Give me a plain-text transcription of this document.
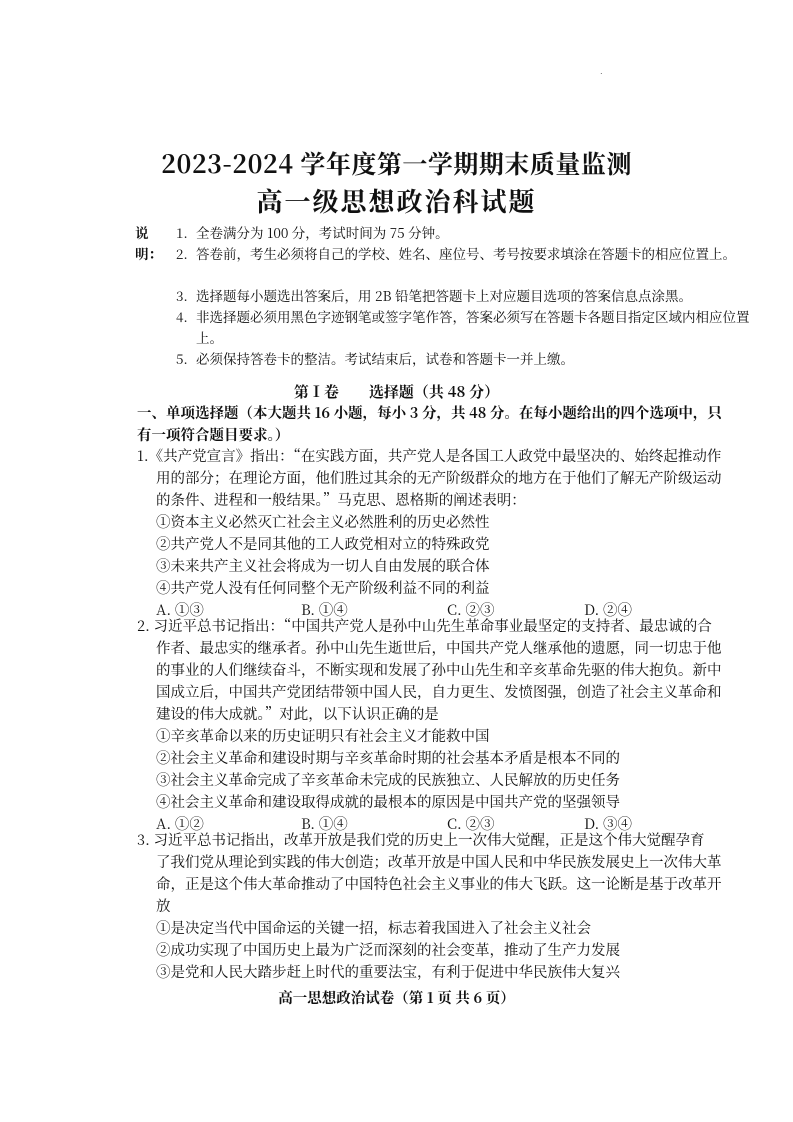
.
2023-2024 学年度第一学期期末质量监测
高一级思想政治科试题
说明：
1. 全卷满分为 100 分，考试时间为 75 分钟。
2. 答卷前，考生必须将自己的学校、姓名、座位号、考号按要求填涂在答题卡的相应位置上。
3. 选择题每小题选出答案后，用 2B 铅笔把答题卡上对应题目选项的答案信息点涂黑。
4. 非选择题必须用黑色字迹钢笔或签字笔作答，答案必须写在答题卡各题目指定区域内相应位置上。
5. 必须保持答卷卡的整洁。考试结束后，试卷和答题卡一并上缴。
第Ⅰ卷　　选择题（共 48 分）
一、单项选择题（本大题共 16 小题，每小 3 分，共 48 分。在每小题给出的四个选项中，只有一项符合题目要求。）

1.《共产党宣言》指出：“在实践方面，共产党人是各国工人政党中最坚决的、始终起推动作

用的部分；在理论方面，他们胜过其余的无产阶级群众的地方在于他们了解无产阶级运动的条件、进程和一般结果。”马克思、恩格斯的阐述表明：

①资本主义必然灭亡社会主义必然胜利的历史必然性

②共产党人不是同其他的工人政党相对立的特殊政党

③未来共产主义社会将成为一切人自由发展的联合体

④共产党人没有任何同整个无产阶级利益不同的利益

A. ①③	B. ①④	C. ②③	D. ②④

2. 习近平总书记指出：“中国共产党人是孙中山先生革命事业最坚定的支持者、最忠诚的合

作者、最忠实的继承者。孙中山先生逝世后，中国共产党人继承他的遗愿，同一切忠于他的事业的人们继续奋斗，不断实现和发展了孙中山先生和辛亥革命先驱的伟大抱负。新中国成立后，中国共产党团结带领中国人民，自力更生、发愤图强，创造了社会主义革命和建设的伟大成就。”对此，以下认识正确的是

①辛亥革命以来的历史证明只有社会主义才能救中国

②社会主义革命和建设时期与辛亥革命时期的社会基本矛盾是根本不同的

③社会主义革命完成了辛亥革命未完成的民族独立、人民解放的历史任务

④社会主义革命和建设取得成就的最根本的原因是中国共产党的坚强领导

A. ①②	B. ①④	C. ②③	D. ③④

3. 习近平总书记指出，改革开放是我们党的历史上一次伟大觉醒，正是这个伟大觉醒孕育

了我们党从理论到实践的伟大创造；改革开放是中国人民和中华民族发展史上一次伟大革命，正是这个伟大革命推动了中国特色社会主义事业的伟大飞跃。这一论断是基于改革开放

①是决定当代中国命运的关键一招，标志着我国进入了社会主义社会

②成功实现了中国历史上最为广泛而深刻的社会变革，推动了生产力发展

③是党和人民大踏步赶上时代的重要法宝，有利于促进中华民族伟大复兴

高一思想政治试卷（第 1 页 共 6 页）
